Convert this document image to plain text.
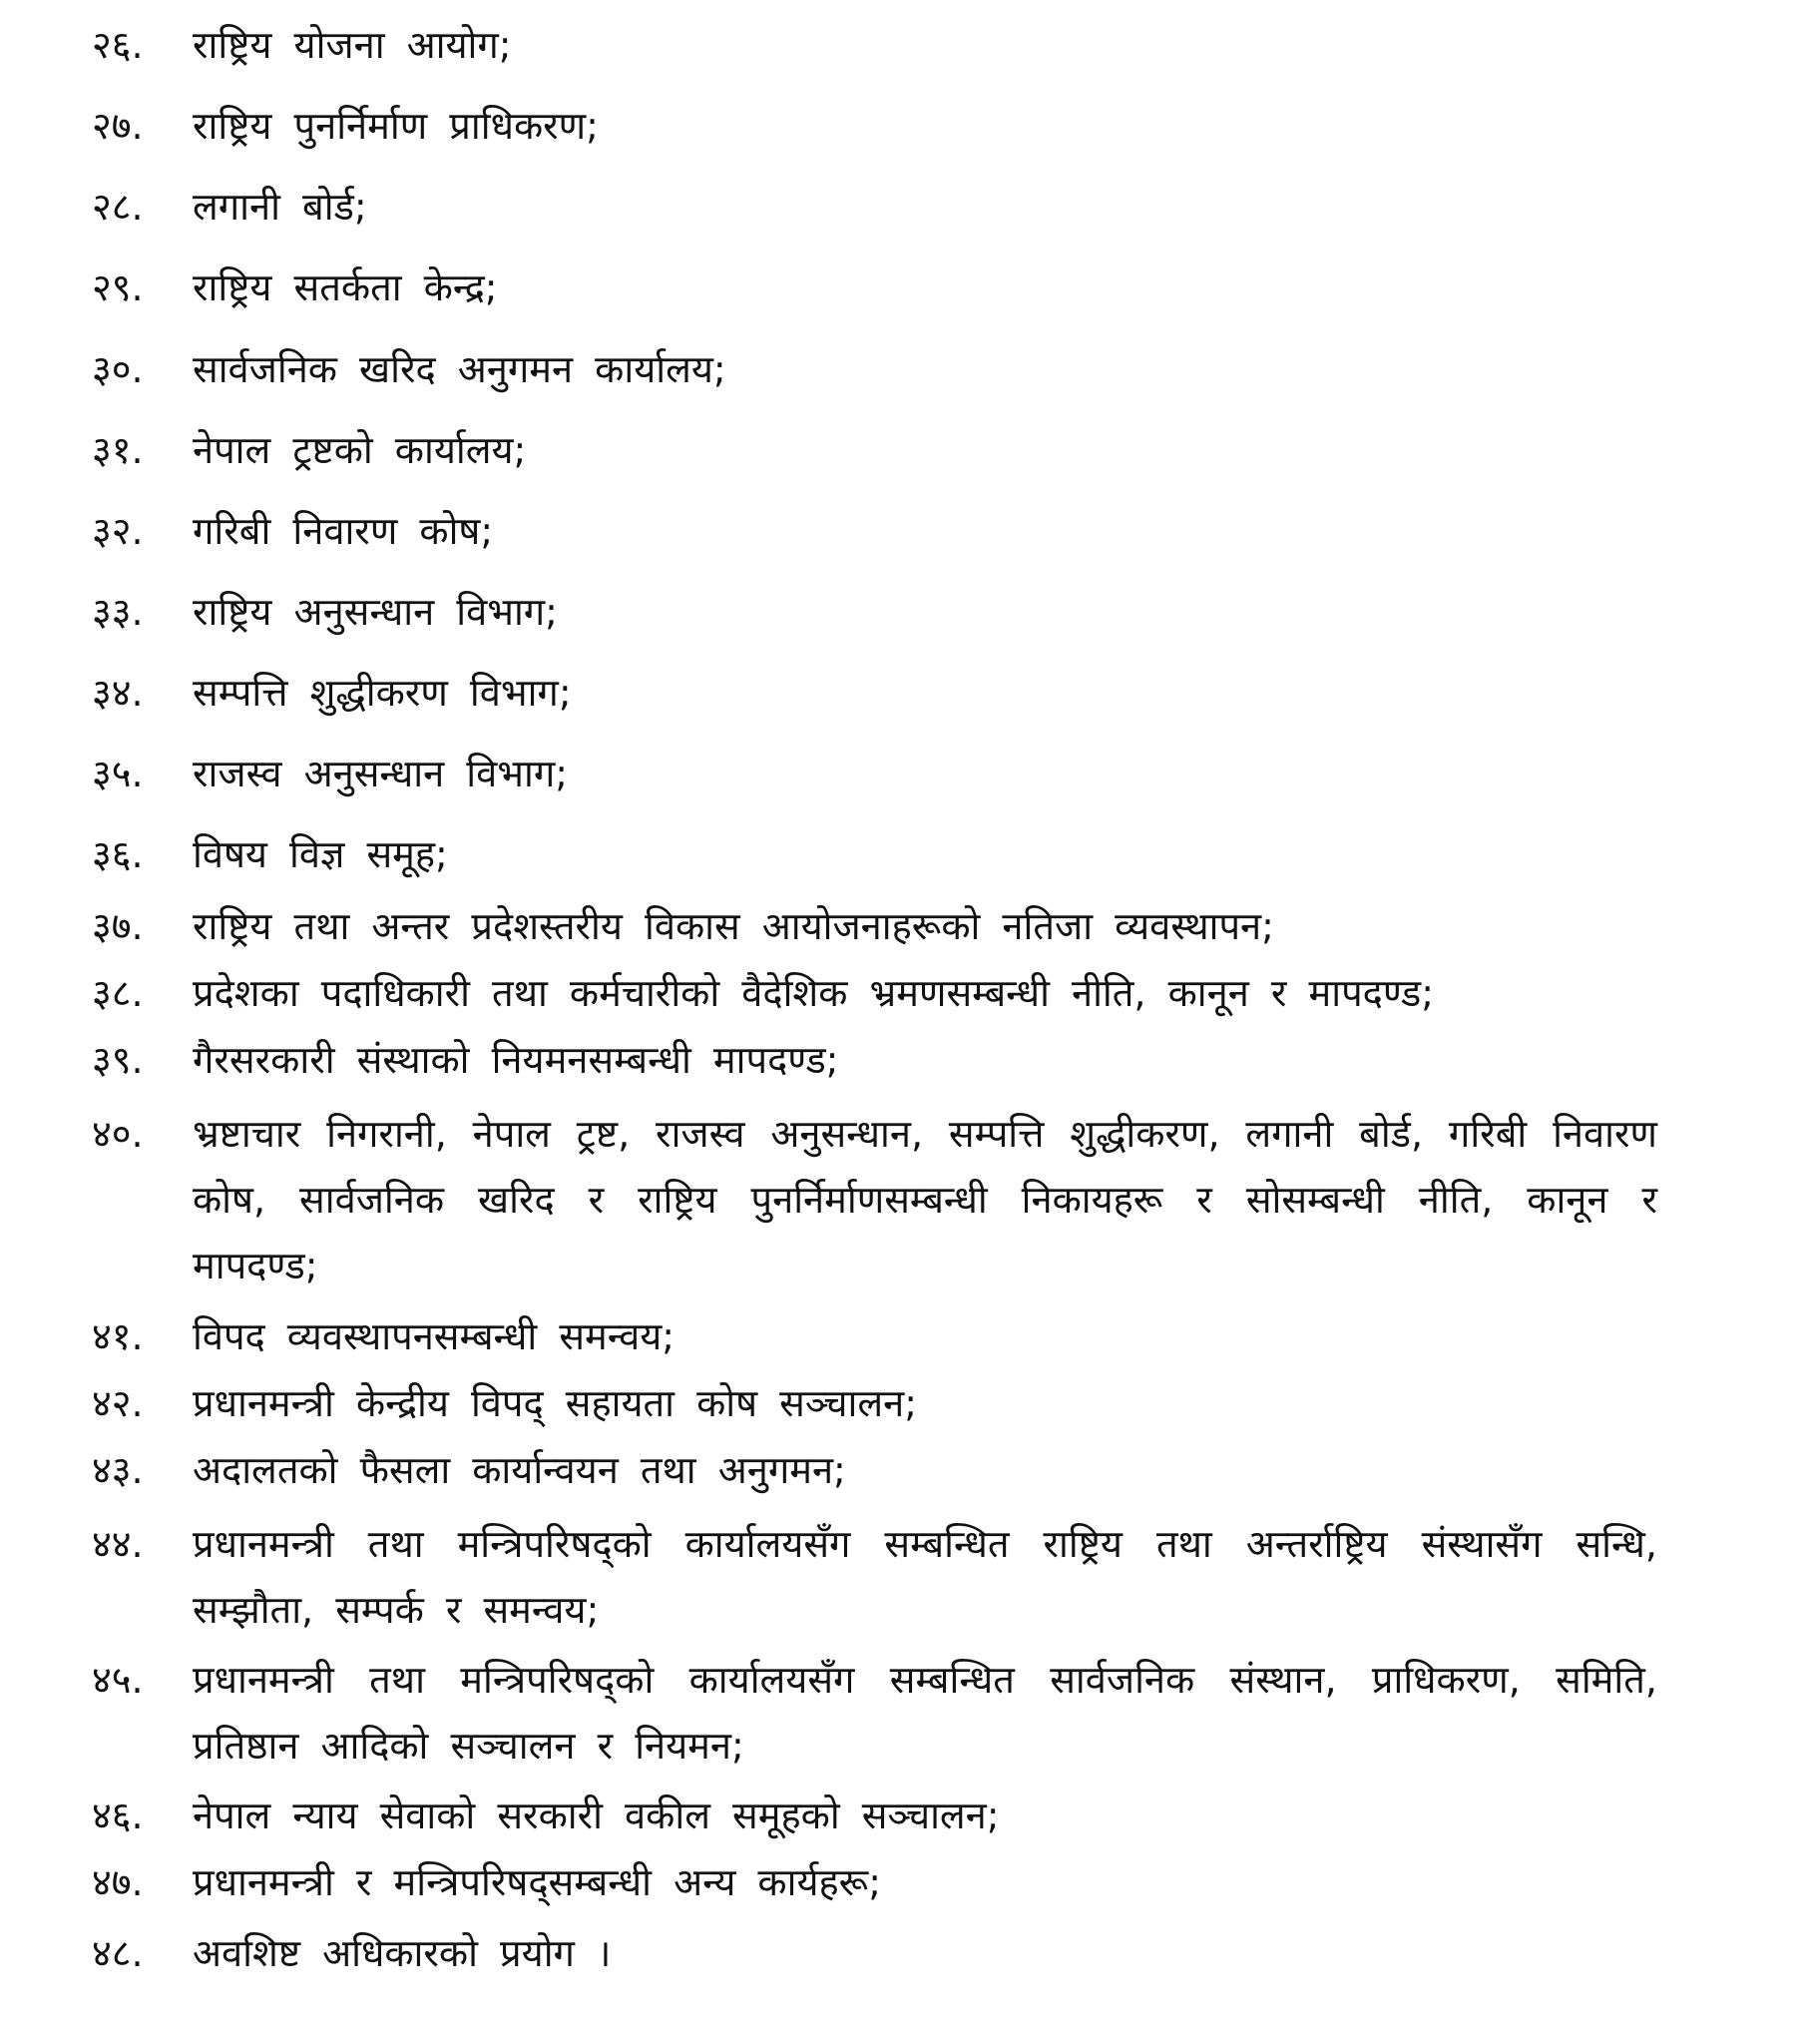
२६.	राष्ट्रिय योजना आयोग;
२७.	राष्ट्रिय पुनर्निर्माण प्राधिकरण;
२८.	लगानी बोर्ड;
२९.	राष्ट्रिय सतर्कता केन्द्र;
३०.	सार्वजनिक खरिद अनुगमन कार्यालय;
३१.	नेपाल ट्रष्टको कार्यालय;
३२.	गरिबी निवारण कोष;
३३.	राष्ट्रिय अनुसन्धान विभाग;
३४.	सम्पत्ति शुद्धीकरण विभाग;
३५.	राजस्व अनुसन्धान विभाग;
३६.	विषय विज्ञ समूह;
३७.	राष्ट्रिय तथा अन्तर प्रदेशस्तरीय विकास आयोजनाहरूको नतिजा व्यवस्थापन;
३८.	प्रदेशका पदाधिकारी तथा कर्मचारीको वैदेशिक भ्रमणसम्बन्धी नीति, कानून र मापदण्ड;
३९.	गैरसरकारी संस्थाको नियमनसम्बन्धी मापदण्ड;
४०.	भ्रष्टाचार निगरानी, नेपाल ट्रष्ट, राजस्व अनुसन्धान, सम्पत्ति शुद्धीकरण, लगानी बोर्ड, गरिबी निवारण कोष, सार्वजनिक खरिद र राष्ट्रिय पुनर्निर्माणसम्बन्धी निकायहरू र सोसम्बन्धी नीति, कानून र मापदण्ड;
४१.	विपद व्यवस्थापनसम्बन्धी समन्वय;
४२.	प्रधानमन्त्री केन्द्रीय विपद् सहायता कोष सञ्चालन;
४३.	अदालतको फैसला कार्यान्वयन तथा अनुगमन;
४४.	प्रधानमन्त्री तथा मन्त्रिपरिषद्को कार्यालयसँग सम्बन्धित राष्ट्रिय तथा अन्तर्राष्ट्रिय संस्थासँग सन्धि, सम्झौता, सम्पर्क र समन्वय;
४५.	प्रधानमन्त्री तथा मन्त्रिपरिषद्को कार्यालयसँग सम्बन्धित सार्वजनिक संस्थान, प्राधिकरण, समिति, प्रतिष्ठान आदिको सञ्चालन र नियमन;
४६.	नेपाल न्याय सेवाको सरकारी वकील समूहको सञ्चालन;
४७.	प्रधानमन्त्री र मन्त्रिपरिषद्सम्बन्धी अन्य कार्यहरू;
४८.	अवशिष्ट अधिकारको प्रयोग ।
